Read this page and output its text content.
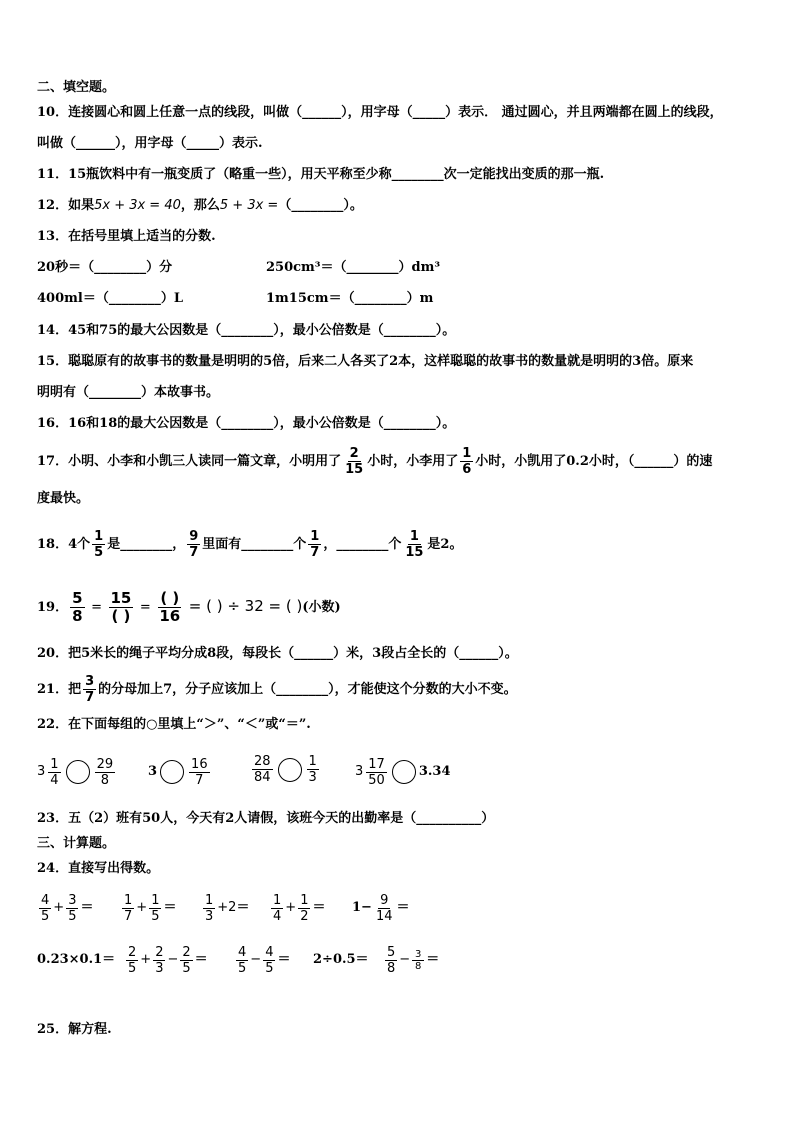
二、填空题。
10．连接圆心和圆上任意一点的线段，叫做（______），用字母（_____）表示． 通过圆心，并且两端都在圆上的线段，
叫做（______），用字母（_____）表示.
11．15瓶饮料中有一瓶变质了（略重一些），用天平称至少称________次一定能找出变质的那一瓶.
12．如果5x + 3x = 40，那么5 + 3x =（________）。
13．在括号里填上适当的分数.
20秒＝（________）分	250cm³＝（________）dm³
400ml＝（________）L	1m15cm＝（________）m
14．45和75的最大公因数是（________），最小公倍数是（________）。
15．聪聪原有的故事书的数量是明明的5倍，后来二人各买了2本，这样聪聪的故事书的数量就是明明的3倍。原来
明明有（________）本故事书。
16．16和18的最大公因数是（________），最小公倍数是（________）。
17．小明、小李和小凯三人读同一篇文章，小明用了 $\frac{2}{15}$ 小时，小李用了 $\frac{1}{6}$ 小时，小凯用了0.2小时，（______）的速
度最快。
18．4个 $\frac{1}{5}$ 是________， $\frac{9}{7}$ 里面有________个 $\frac{1}{7}$ ，________个 $\frac{1}{15}$ 是2。
19． $\frac{5}{8} = \frac{15}{( )} = \frac{( )}{16}$ = ( ) ÷ 32 = ( )(小数)
20．把5米长的绳子平均分成8段，每段长（______）米，3段占全长的（______）。
21．把 $\frac{3}{7}$ 的分母加上7，分子应该加上（________），才能使这个分数的大小不变。
22．在下面每组的○里填上“＞”、“＜”或“＝”.
$3 \frac{1}{4}$	$\frac{29}{8}$	$3 \frac{16}{7}$	$\frac{28}{84}$	$\frac{1}{3}$	$3 \frac{17}{50} 3.34$
23．五（2）班有50人，今天有2人请假，该班今天的出勤率是（__________）
三、计算题。
24．直接写出得数。
$\frac{4}{5} + \frac{3}{5} = \frac{1}{7} + \frac{1}{5} = \frac{1}{3} +2 = \frac{1}{4} + \frac{1}{2} = 1- \frac{9}{14}$ ＝
$0.23\times 0.1= \frac{2}{5} + \frac{2}{3} - \frac{2}{5} = \frac{4}{5} - \frac{4}{5} = 2\div 0.5= \frac{5}{8} - \frac{3}{8}$ ＝
25．解方程.
